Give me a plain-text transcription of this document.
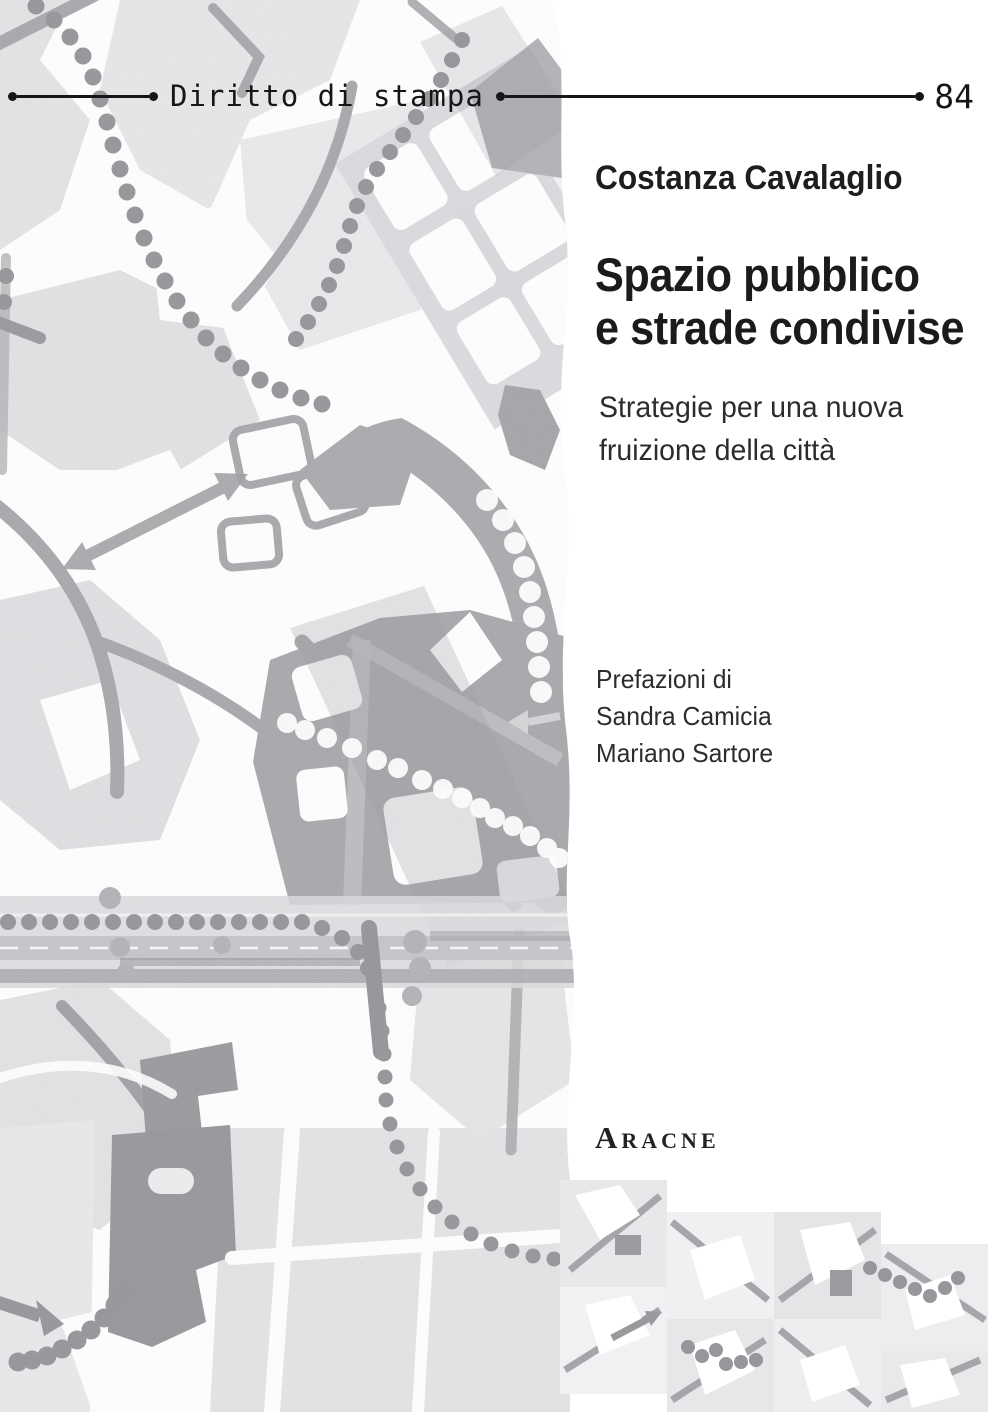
Diritto di stampa	84
Costanza Cavalaglio
Spazio pubblico
e strade condivise
Strategie per una nuova
fruizione della città
Prefazioni di
Sandra Camicia
Mariano Sartore
Aracne
